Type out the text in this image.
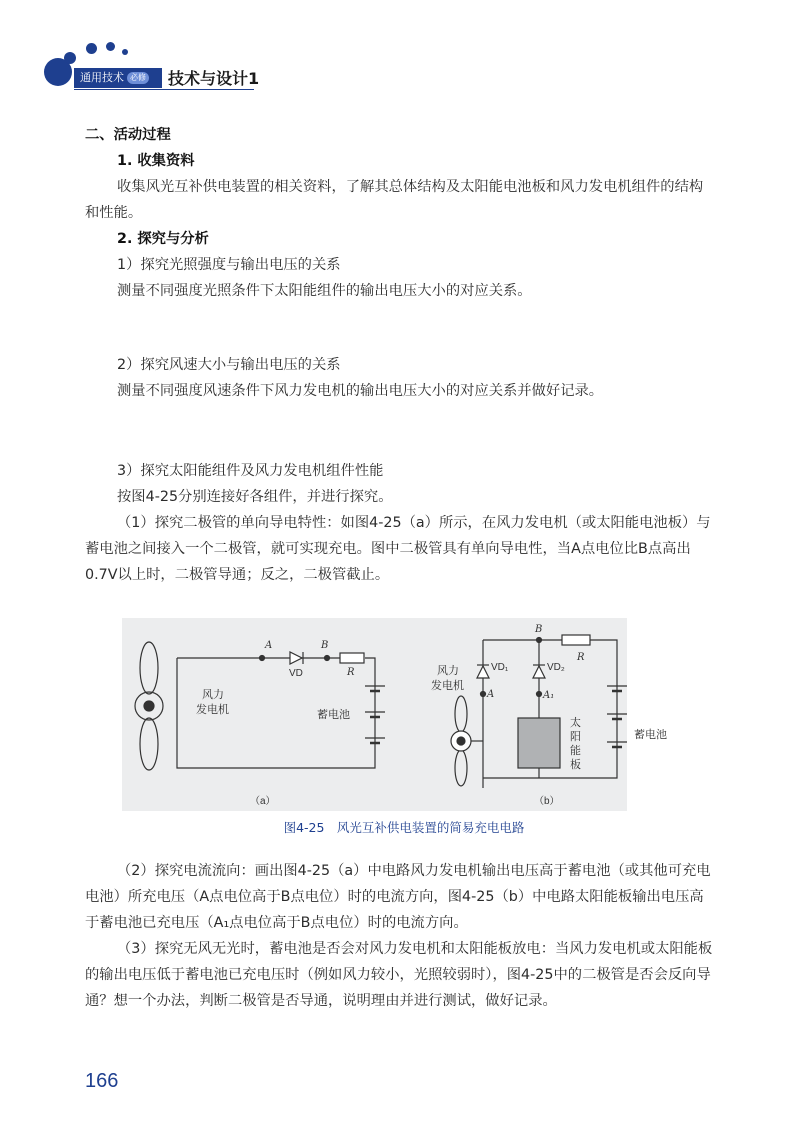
通用技术 必修	技术与设计1
二、活动过程
1. 收集资料
收集风光互补供电装置的相关资料，了解其总体结构及太阳能电池板和风力发电机组件的结构和性能。
2. 探究与分析
1）探究光照强度与输出电压的关系
测量不同强度光照条件下太阳能组件的输出电压大小的对应关系。
2）探究风速大小与输出电压的关系
测量不同强度风速条件下风力发电机的输出电压大小的对应关系并做好记录。
3）探究太阳能组件及风力发电机组件性能
按图4-25分别连接好各组件，并进行探究。
（1）探究二极管的单向导电特性：如图4-25（a）所示，在风力发电机（或太阳能电池板）与蓄电池之间接入一个二极管，就可实现充电。图中二极管具有单向导电性，当A点电位比B点高出0.7V以上时，二极管导通；反之，二极管截止。
A	B
R
VD
风力
发电机	蓄电池
（a）
B
A	A₁
R
VD₁	VD₂
风力
发电机
太
阳
能
板
（b）
蓄电池
图4-25　风光互补供电装置的简易充电电路
（2）探究电流流向：画出图4-25（a）中电路风力发电机输出电压高于蓄电池（或其他可充电电池）所充电压（A点电位高于B点电位）时的电流方向，图4-25（b）中电路太阳能板输出电压高于蓄电池已充电压（A₁点电位高于B点电位）时的电流方向。
（3）探究无风无光时，蓄电池是否会对风力发电机和太阳能板放电：当风力发电机或太阳能板的输出电压低于蓄电池已充电压时（例如风力较小，光照较弱时），图4-25中的二极管是否会反向导通？想一个办法，判断二极管是否导通，说明理由并进行测试，做好记录。
166
